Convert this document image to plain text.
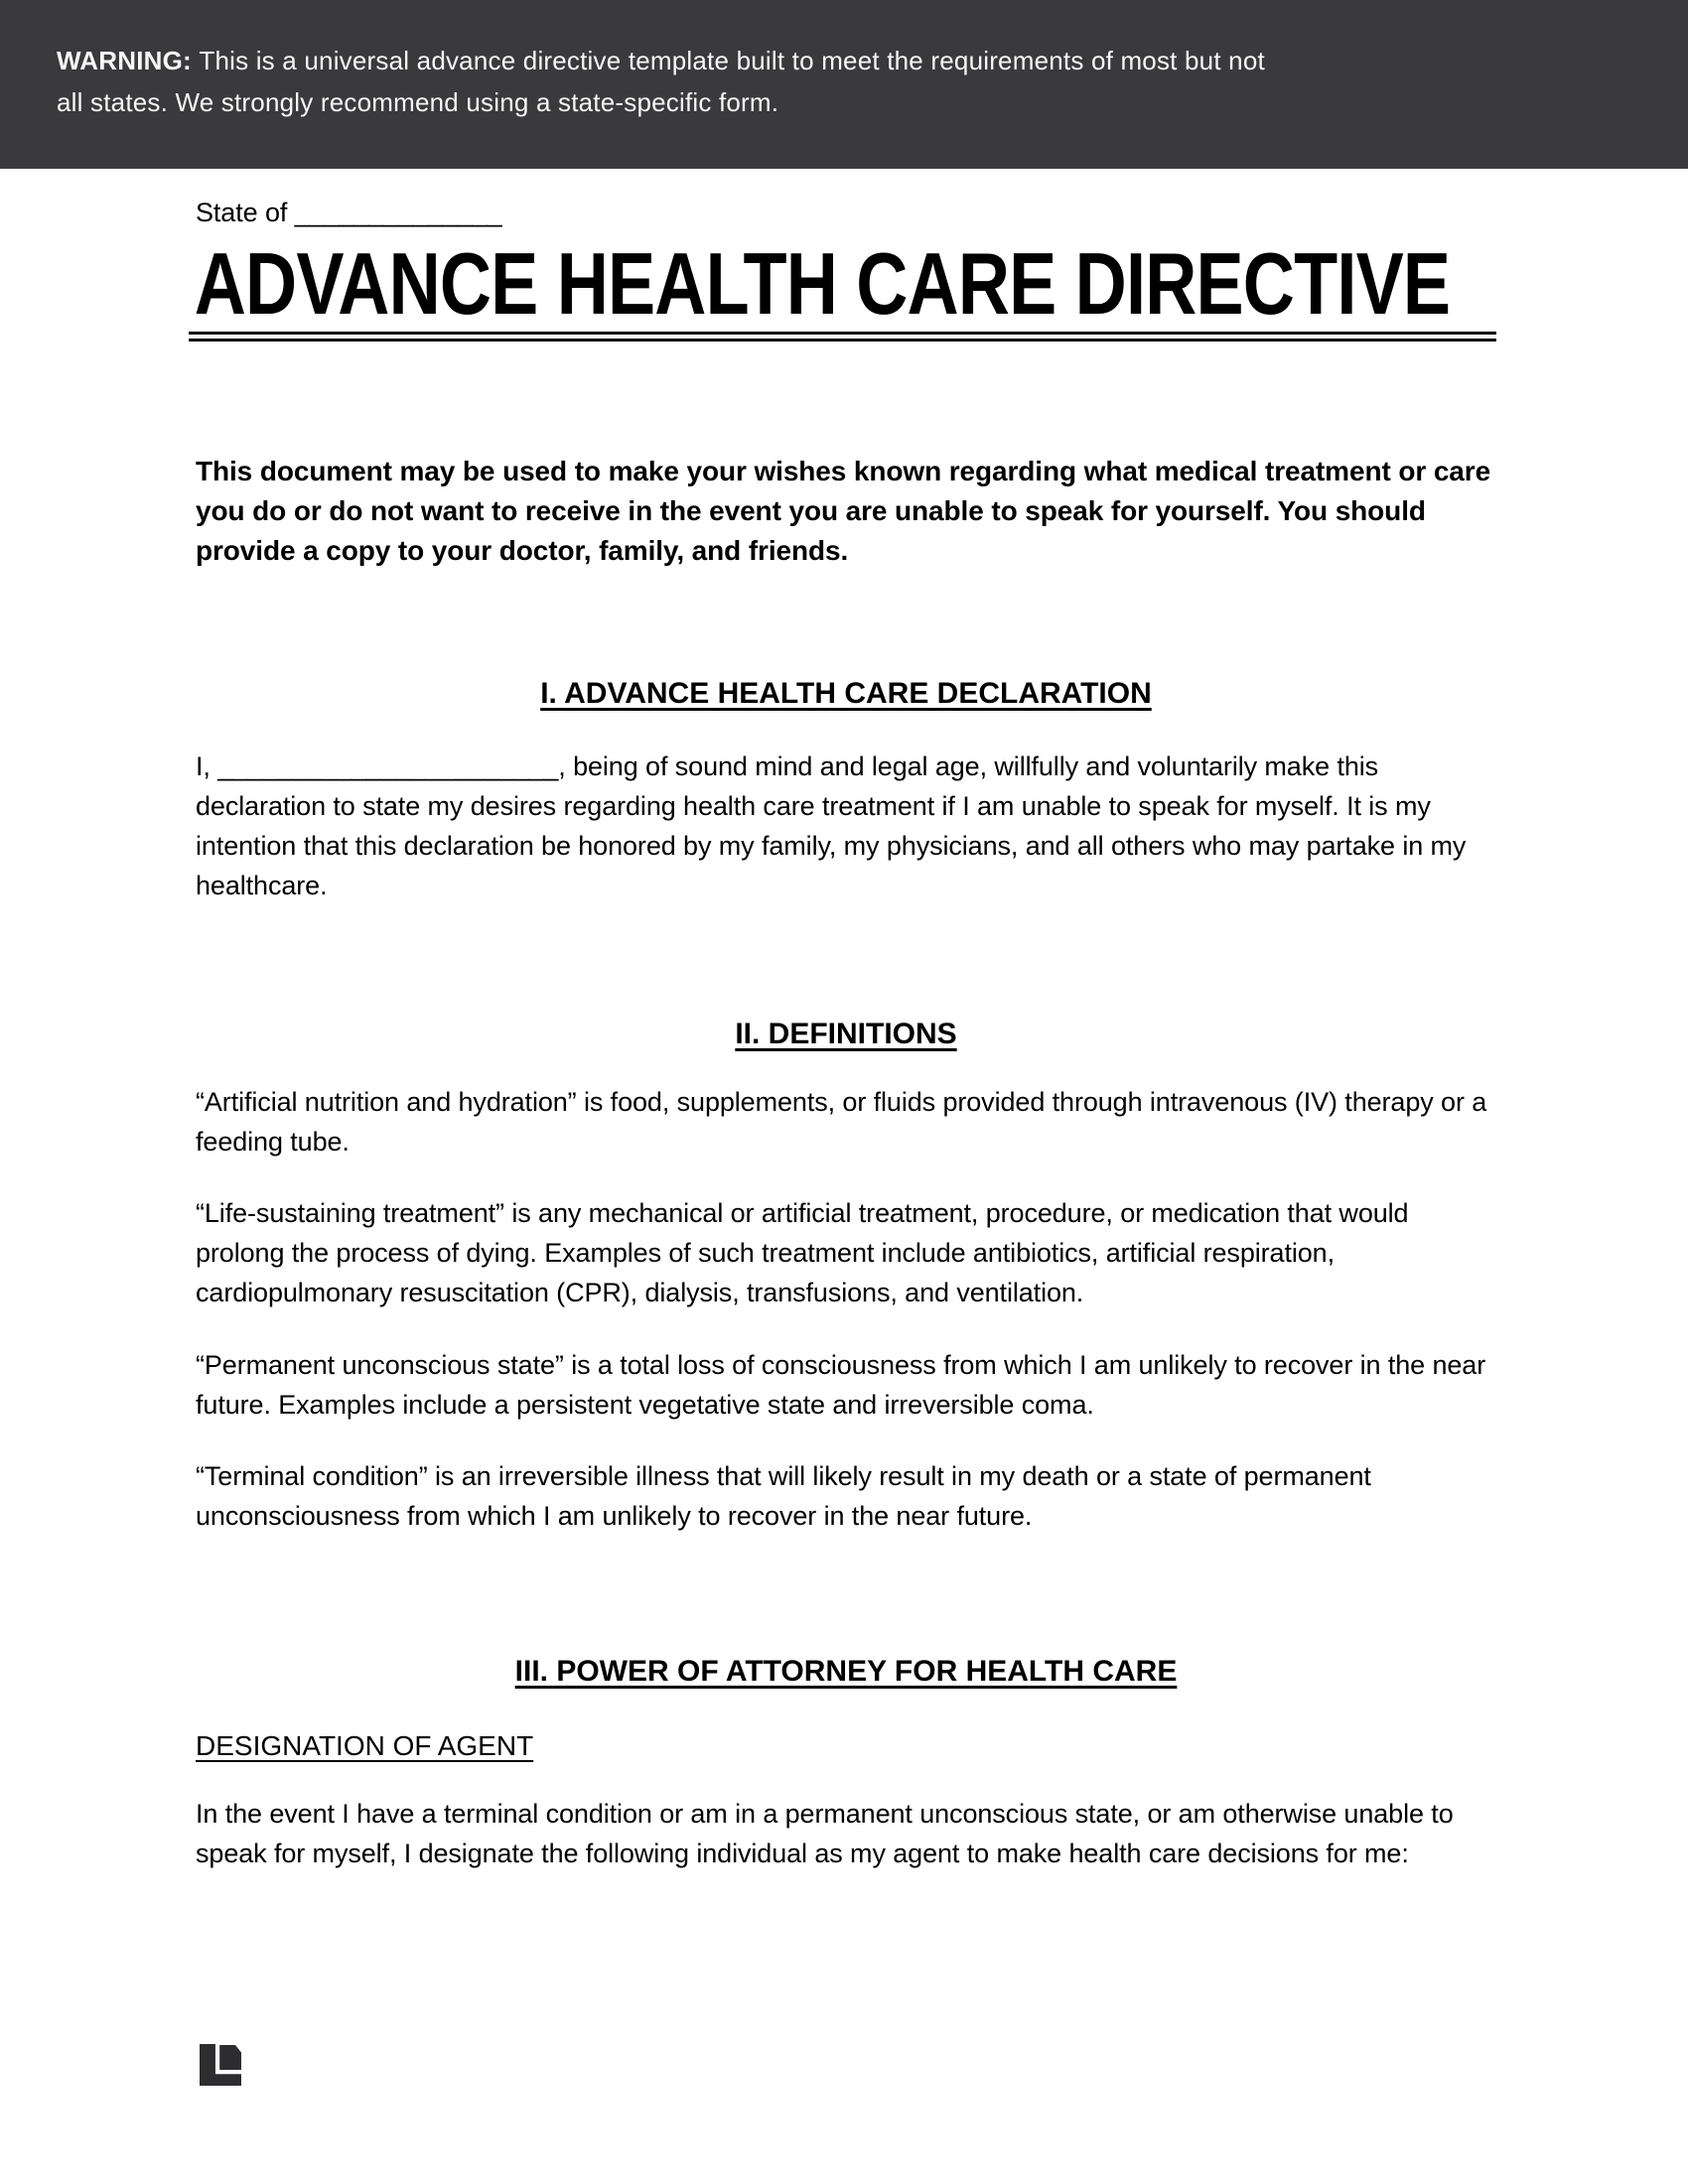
WARNING: This is a universal advance directive template built to meet the requirements of most but not
all states. We strongly recommend using a state-specific form.
State of ______________
ADVANCE HEALTH CARE DIRECTIVE
This document may be used to make your wishes known regarding what medical treatment or care you do or do not want to receive in the event you are unable to speak for yourself. You should provide a copy to your doctor, family, and friends.
I. ADVANCE HEALTH CARE DECLARATION
I, _______________________, being of sound mind and legal age, willfully and voluntarily make this declaration to state my desires regarding health care treatment if I am unable to speak for myself. It is my intention that this declaration be honored by my family, my physicians, and all others who may partake in my healthcare.
II. DEFINITIONS
“Artificial nutrition and hydration” is food, supplements, or fluids provided through intravenous (IV) therapy or a feeding tube.
“Life-sustaining treatment” is any mechanical or artificial treatment, procedure, or medication that would prolong the process of dying. Examples of such treatment include antibiotics, artificial respiration, cardiopulmonary resuscitation (CPR), dialysis, transfusions, and ventilation.
“Permanent unconscious state” is a total loss of consciousness from which I am unlikely to recover in the near future. Examples include a persistent vegetative state and irreversible coma.
“Terminal condition” is an irreversible illness that will likely result in my death or a state of permanent unconsciousness from which I am unlikely to recover in the near future.
III. POWER OF ATTORNEY FOR HEALTH CARE
DESIGNATION OF AGENT
In the event I have a terminal condition or am in a permanent unconscious state, or am otherwise unable to speak for myself, I designate the following individual as my agent to make health care decisions for me:
